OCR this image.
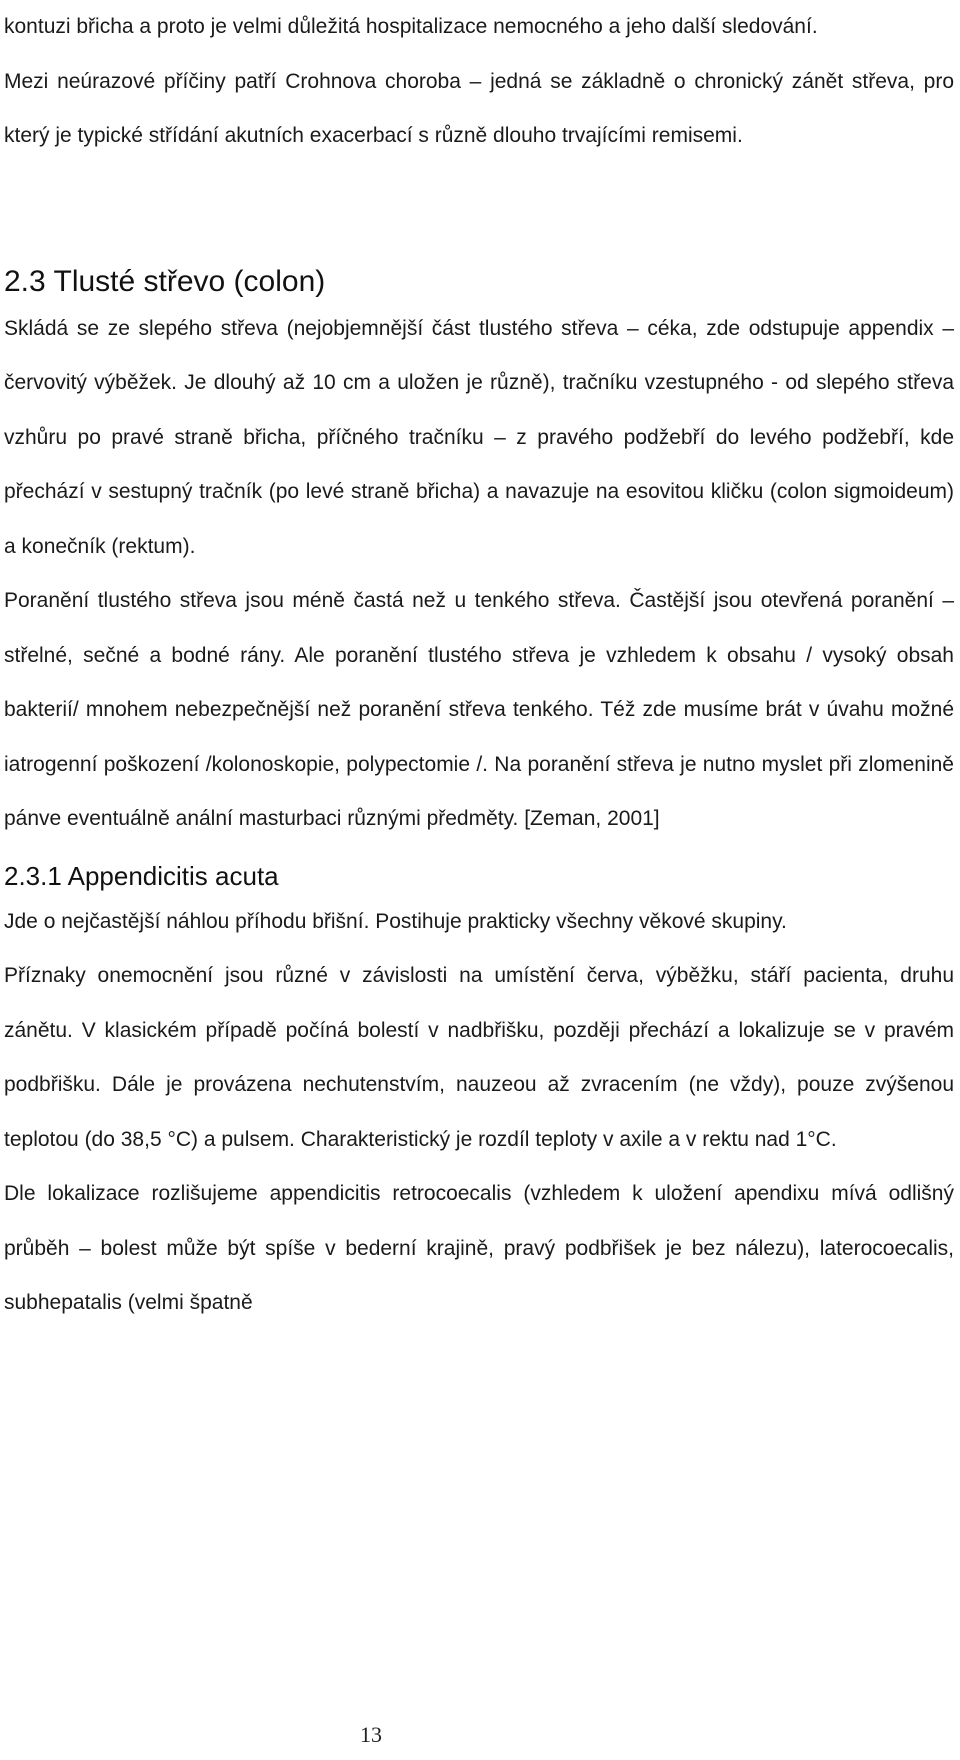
kontuzi břicha a proto je velmi důležitá hospitalizace nemocného a jeho další sledování.

Mezi neúrazové příčiny patří Crohnova choroba – jedná se základně o chronický zánět střeva, pro který je typické střídání akutních exacerbací s různě dlouho trvajícími remisemi.

2.3 Tlusté střevo (colon)

Skládá se ze slepého střeva (nejobjemnější část tlustého střeva – céka, zde odstupuje appendix – červovitý výběžek. Je dlouhý až 10 cm a uložen je různě), tračníku vzestupného - od slepého střeva vzhůru po pravé straně břicha, příčného tračníku – z pravého podžebří do levého podžebří, kde přechází v sestupný tračník (po levé straně břicha) a navazuje na esovitou kličku (colon sigmoideum) a konečník (rektum).

Poranění tlustého střeva jsou méně častá než u tenkého střeva. Častější jsou otevřená poranění – střelné, sečné a bodné rány. Ale poranění tlustého střeva je vzhledem k obsahu / vysoký obsah bakterií/ mnohem nebezpečnější než poranění střeva tenkého. Též zde musíme brát v úvahu možné iatrogenní poškození /kolonoskopie, polypectomie /. Na poranění střeva je nutno myslet při zlomenině pánve eventuálně anální masturbaci různými předměty. [Zeman, 2001]

2.3.1 Appendicitis acuta

Jde o nejčastější náhlou příhodu břišní. Postihuje prakticky všechny věkové skupiny.

Příznaky onemocnění jsou různé v závislosti na umístění červa, výběžku, stáří pacienta, druhu zánětu. V klasickém případě počíná bolestí v nadbřišku, později přechází a lokalizuje se v pravém podbřišku. Dále je provázena nechutenstvím, nauzeou až zvracením (ne vždy), pouze zvýšenou teplotou (do 38,5 °C) a pulsem. Charakteristický je rozdíl teploty v axile a v rektu nad 1°C.

Dle lokalizace rozlišujeme appendicitis retrocoecalis (vzhledem k uložení apendixu mívá odlišný průběh – bolest může být spíše v bederní krajině, pravý podbřišek je bez nálezu), laterocoecalis, subhepatalis (velmi špatně

13
